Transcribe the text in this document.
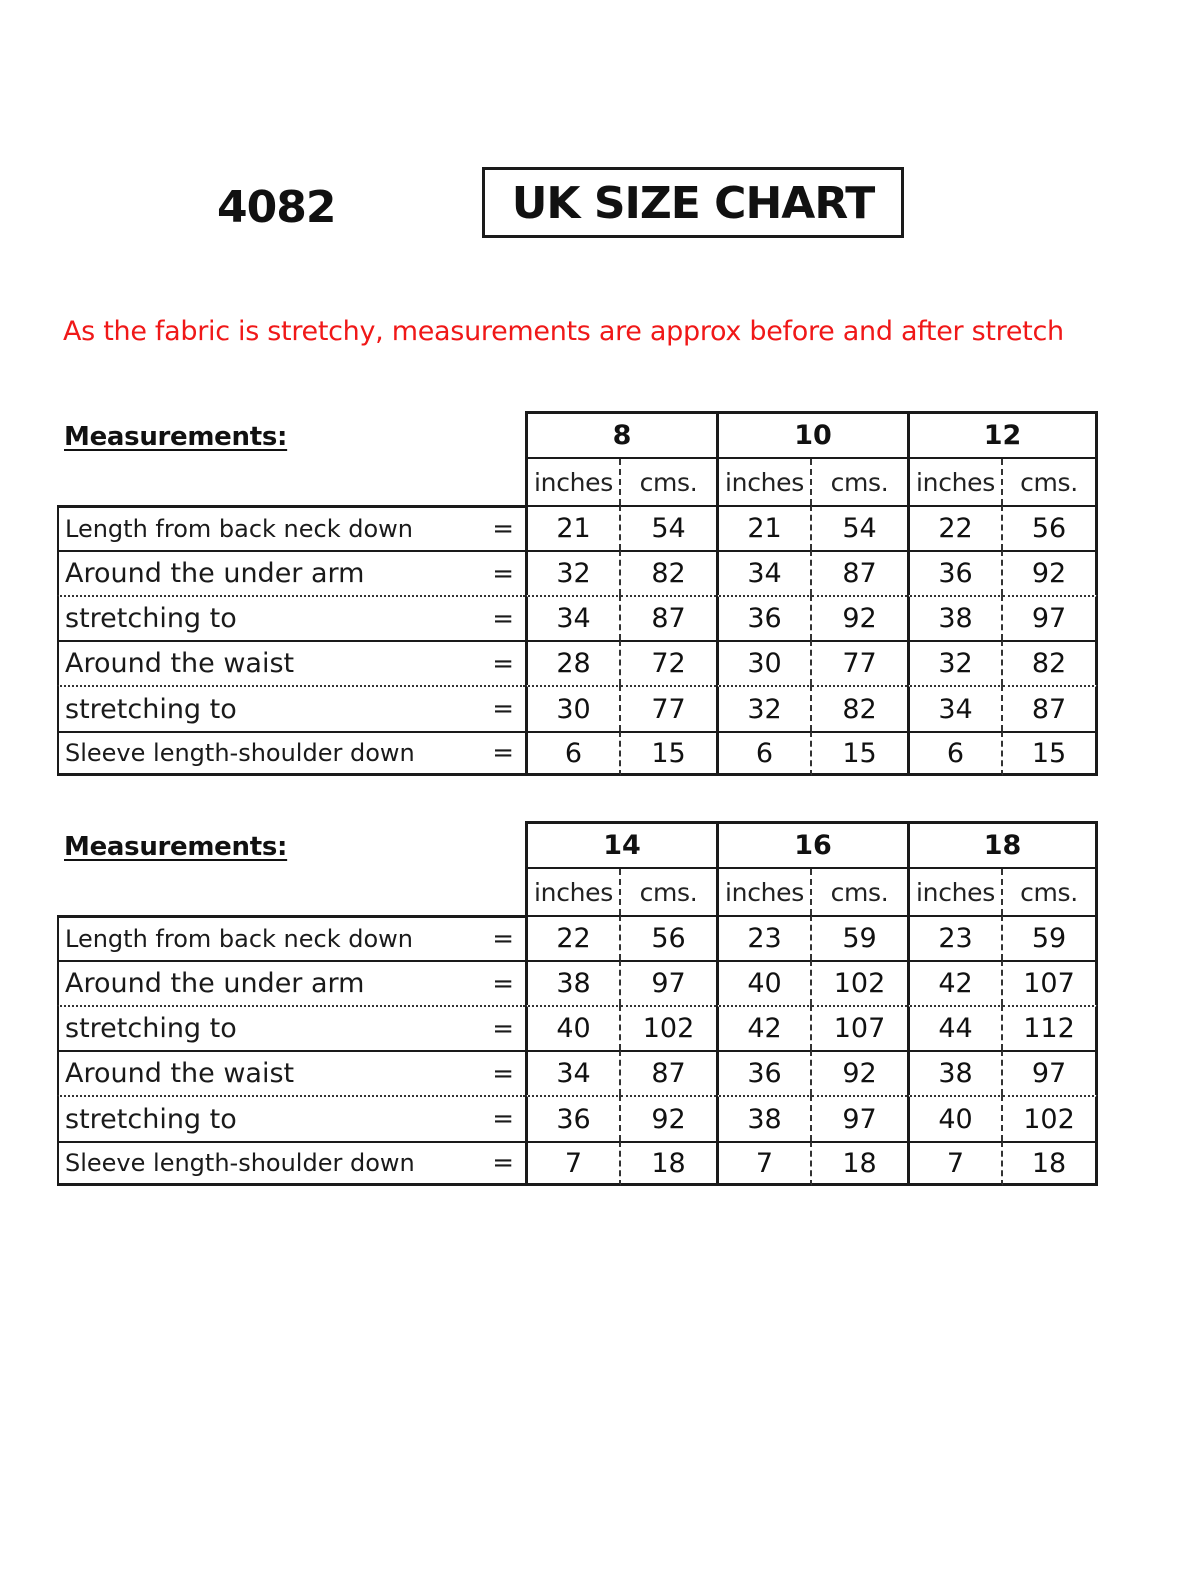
4082	UK SIZE CHART
As the fabric is stretchy, measurements are approx before and after stretch
Measurements:	8	10	12
inches	cms.	inches	cms.	inches	cms.
Length from back neck down	=	21	54	21	54	22	56
Around the under arm	=	32	82	34	87	36	92
stretching to	=	34	87	36	92	38	97
Around the waist	=	28	72	30	77	32	82
stretching to	=	30	77	32	82	34	87
Sleeve length-shoulder down	=	6	15	6	15	6	15
Measurements:	14	16	18
inches	cms.	inches	cms.	inches	cms.
Length from back neck down	=	22	56	23	59	23	59
Around the under arm	=	38	97	40	102	42	107
stretching to	=	40	102	42	107	44	112
Around the waist	=	34	87	36	92	38	97
stretching to	=	36	92	38	97	40	102
Sleeve length-shoulder down	=	7	18	7	18	7	18
